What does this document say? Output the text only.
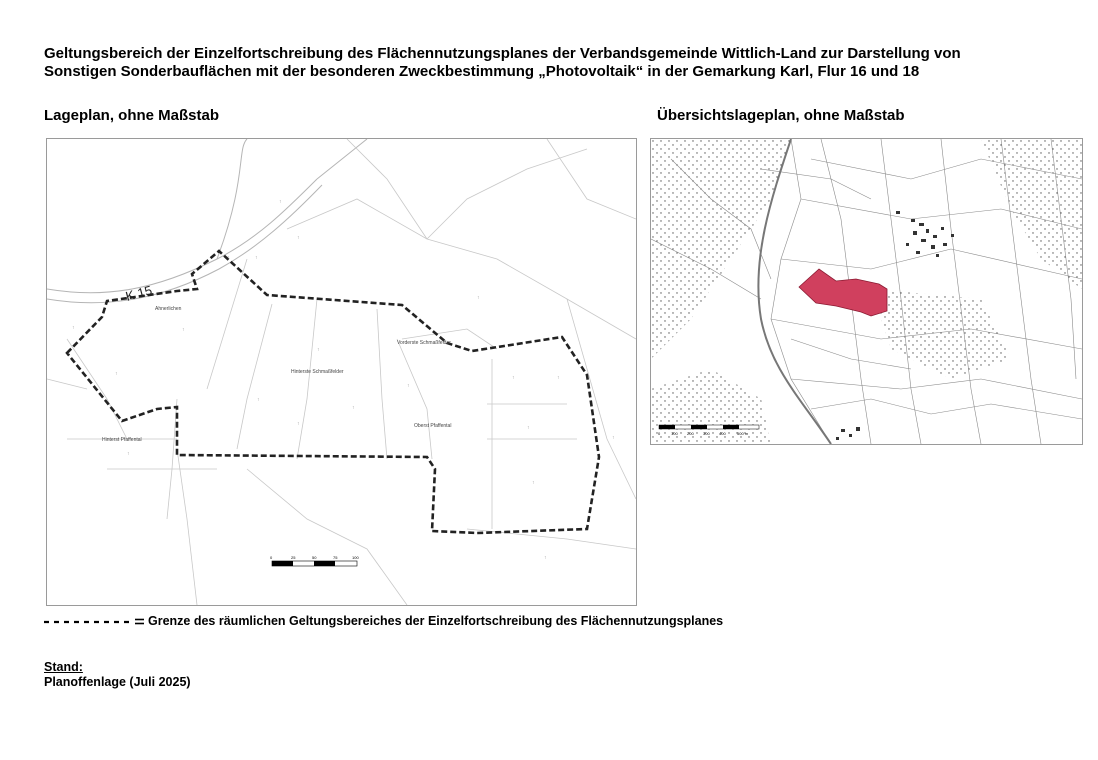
Geltungsbereich der Einzelfortschreibung des Flächennutzungsplanes der Verbandsgemeinde Wittlich-Land zur Darstellung von
Sonstigen Sonderbauflächen mit der besonderen Zweckbestimmung „Photovoltaik“ in der Gemarkung Karl, Flur 16 und 18
Lageplan, ohne Maßstab	Übersichtslageplan, ohne Maßstab
↑
↑
↑
↑
↑
↑
↑
↑
↑
↑
↑
↑
↑
↑
↑
↑
↑
↑
↑
↑
K 15
Ahnerlichen
Hinterste Schmaßfelder
Vorderste Schmaßfelder
Oberst Pfaffental
Hinterst Pfaffental
0	25	50	75	100
0	100 200 300 400	500 m
Grenze des räumlichen Geltungsbereiches der Einzelfortschreibung des Flächennutzungsplanes
Stand:
Planoffenlage (Juli 2025)
